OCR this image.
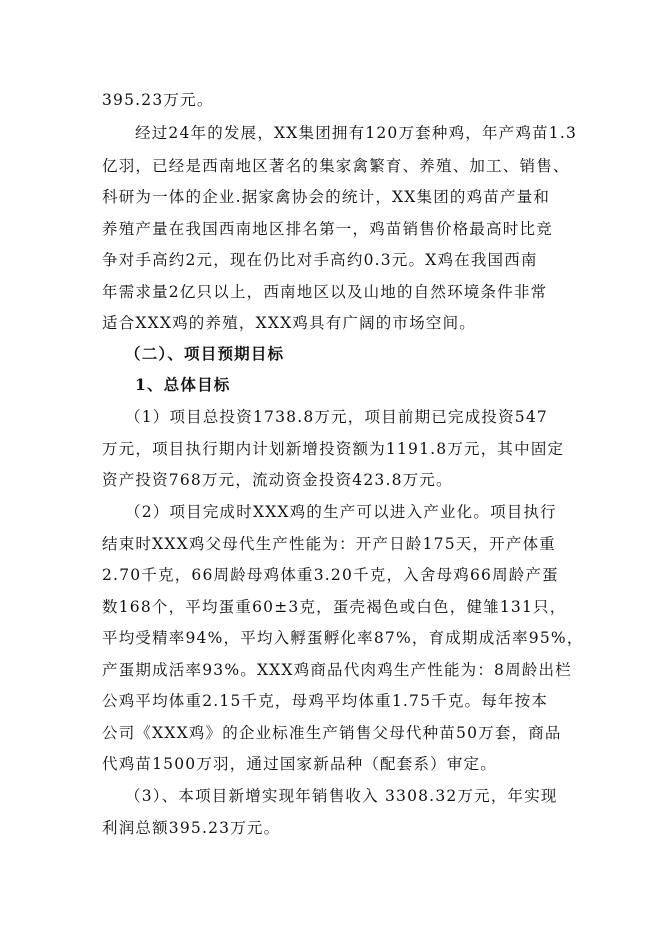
395.23万元。
经过24年的发展，XX集团拥有120万套种鸡，年产鸡苗1.3
亿羽，已经是西南地区著名的集家禽繁育、养殖、加工、销售、
科研为一体的企业.据家禽协会的统计，XX集团的鸡苗产量和
养殖产量在我国西南地区排名第一，鸡苗销售价格最高时比竞
争对手高约2元，现在仍比对手高约0.3元。X鸡在我国西南
年需求量2亿只以上，西南地区以及山地的自然环境条件非常
适合XXX鸡的养殖，XXX鸡具有广阔的市场空间。
（二）、项目预期目标
1、总体目标
（1）项目总投资1738.8万元，项目前期已完成投资547
万元，项目执行期内计划新增投资额为1191.8万元，其中固定
资产投资768万元，流动资金投资423.8万元。
（2）项目完成时XXX鸡的生产可以进入产业化。项目执行
结束时XXX鸡父母代生产性能为：开产日龄175天，开产体重
2.70千克，66周龄母鸡体重3.20千克，入舍母鸡66周龄产蛋
数168个，平均蛋重60±3克，蛋壳褐色或白色，健雏131只，
平均受精率94%，平均入孵蛋孵化率87%，育成期成活率95%，
产蛋期成活率93%。XXX鸡商品代肉鸡生产性能为：8周龄出栏
公鸡平均体重2.15千克，母鸡平均体重1.75千克。每年按本
公司《XXX鸡》的企业标准生产销售父母代种苗50万套，商品
代鸡苗1500万羽，通过国家新品种（配套系）审定。
（3）、本项目新增实现年销售收入 3308.32万元，年实现
利润总额395.23万元。
